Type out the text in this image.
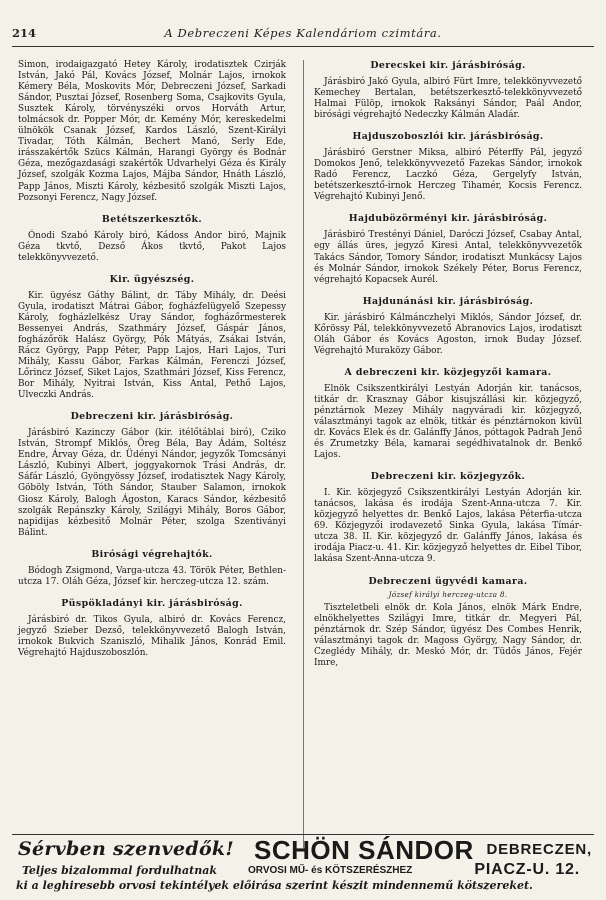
214	A Debreczeni Képes Kalendáriom czimtára.

Simon, irodaigazgató Hetey Károly, irodatisztek Czirják István, Jakó Pál, Kovács József, Molnár Lajos, irnokok Kémery Béla, Moskovits Mór, Debreczeni József, Sarkadi Sándor, Pusztai József, Rosenberg Soma, Csajkovits Gyula, Susztek Károly, törvényszéki orvos Horváth Artur, tolmácsok dr. Popper Mór, dr. Kemény Mór, kereskedelmi ülnökök Csanak József, Kardos László, Szent-Királyi Tivadar, Tóth Kálmán, Bechert Manó, Serly Ede, irásszakértők Szücs Kálmán, Harangi György és Bodnár Géza, mezőgazdasági szakértők Udvarhelyi Géza és Király József, szolgák Kozma Lajos, Májba Sándor, Hnáth László, Papp János, Miszti Károly, kézbesitő szolgák Miszti Lajos, Pozsonyi Ferencz, Nagy József.

Betétszerkesztők.

Ónodi Szabó Károly biró, Kádoss Andor biró, Majnik Géza tkvtő, Dezső Ákos tkvtő, Pakot Lajos telekkönyvvezető.

Kir. ügyészség.

Kir. ügyész Gáthy Bálint, dr. Táby Mihály, dr. Deési Gyula, irodatiszt Mátrai Gábor, fogházfelügyelő Szepessy Károly, fogházlelkész Uray Sándor, fogházőrmesterek Bessenyei András, Szathmáry József, Gáspár János, fogházőrök Halász György, Pók Mátyás, Zsákai István, Rácz György, Papp Péter, Papp Lajos, Hari Lajos, Turi Mihály, Kassu Gábor, Farkas Kálmán, Ferenczi József, Lőrincz József, Siket Lajos, Szathmári József, Kiss Ferencz, Bor Mihály, Nyitrai István, Kiss Antal, Pethő Lajos, Ulveczki András.

Debreczeni kir. járásbiróság.

Járásbiró Kazinczy Gábor (kir. itélőtáblai biró), Cziko István, Strompf Miklós, Öreg Béla, Bay Ádám, Soltész Endre, Árvay Géza, dr. Üdényi Nándor, jegyzők Tomcsányi László, Kubinyi Albert, joggyakornok Trási András, dr. Sáfár László, Gyöngyössy József, irodatisztek Nagy Károly, Göböly István, Tóth Sándor, Stauber Salamon, irnokok Giosz Károly, Balogh Ágoston, Karacs Sándor, kézbesitő szolgák Repánszky Károly, Szilágyi Mihály, Boros Gábor, napidijas kézbesitő Molnár Péter, szolga Szentiványi Bálint.

Birósági végrehajtók.

Bódogh Zsigmond, Varga-utcza 43. Török Péter, Bethlen-utcza 17. Oláh Géza, József kir. herczeg-utcza 12. szám.

Püspökladányi kir. járásbiróság.

Járásbiró dr. Tikos Gyula, albiró dr. Kovács Ferencz, jegyző Szieber Dezső, telekkönyvvezető Balogh István, irnokok Bukvich Szaniszló, Mihalik János, Konrád Emil. Végrehajtó Hajduszoboszlón.

Derecskei kir. járásbiróság.

Járásbiró Jakó Gyula, albiró Fürt Imre, telekkönyvvezető Kemechey Bertalan, betétszerkesztő-telekkönyvvezető Halmai Fülöp, irnokok Raksányi Sándor, Paál Andor, birósági végrehajtó Nedeczky Kálmán Aladár.

Hajduszoboszlói kir. járásbiróság.

Járásbiró Gerstner Miksa, albiró Péterffy Pál, jegyző Domokos Jenő, telekkönyvvezető Fazekas Sándor, irnokok Radó Ferencz, Laczkó Géza, Gergelyfy István, betétszerkesztő-irnok Herczeg Tihamér, Kocsis Ferencz. Végrehajtó Kubinyi Jenő.

Hajdubözörményi kir. járásbiróság.

Járásbiró Trestényi Dániel, Daróczi József, Csabay Antal, egy állás üres, jegyző Kiresi Antal, telekkönyvvezetők Takács Sándor, Tomory Sándor, irodatiszt Munkácsy Lajos és Molnár Sándor, irnokok Székely Péter, Borus Ferencz, végrehajtó Kopacsek Aurél.

Hajdunánási kir. járásbiróság.

Kir. járásbiró Kálmánczhelyi Miklós, Sándor József, dr. Kőrössy Pál, telekkönyvvezető Abranovics Lajos, irodatiszt Oláh Gábor és Kovács Agoston, irnok Buday József. Végrehajtó Muraközy Gábor.

A debreczeni kir. közjegyzői kamara.

Elnök Csikszentkirályi Lestyán Adorján kir. tanácsos, titkár dr. Krasznay Gábor kisujszállási kir. közjegyző, pénztárnok Mezey Mihály nagyváradi kir. közjegyző, választmányi tagok az elnök, titkár és pénztárnokon kivül dr. Kovács Elek és dr. Galánffy János, póttagok Padrah Jenő és Zrumetzky Béla, kamarai segédhivatalnok dr. Benkő Lajos.

Debreczeni kir. közjegyzők.

I. Kir. közjegyző Csikszentkirályi Lestyán Adorján kir. tanácsos, lakása és irodája Szent-Anna-utcza 7. Kir. közjegyző helyettes dr. Benkő Lajos, lakása Péterfia-utcza 69. Közjegyzői irodavezető Sinka Gyula, lakása Tímár-utcza 38. II. Kir. közjegyző dr. Galánffy János, lakása és irodája Piacz-u. 41. Kir. közjegyző helyettes dr. Eibel Tibor, lakása Szent-Anna-utcza 9.

Debreczeni ügyvédi kamara.
József királyi herczeg-utcza 8.

Tiszteletbeli elnök dr. Kola János, elnök Márk Endre, elnökhelyettes Szilágyi Imre, titkár dr. Megyeri Pál, pénztárnok dr. Szép Sándor, ügyész Des Combes Henrik, választmányi tagok dr. Magoss György, Nagy Sándor, dr. Czeglédy Mihály, dr. Meskó Mór, dr. Tüdős János, Fejér Imre,

Sérvben szenvedők! SCHÖN SÁNDOR DEBRECZEN,
Teljes bizalommal fordulhatnak	ORVOSI MŰ- és KÖTSZERÉSZHEZ	PIACZ-U. 12.
ki a leghiresebb orvosi tekintélyek előirása szerint készit mindennemű kötszereket.
